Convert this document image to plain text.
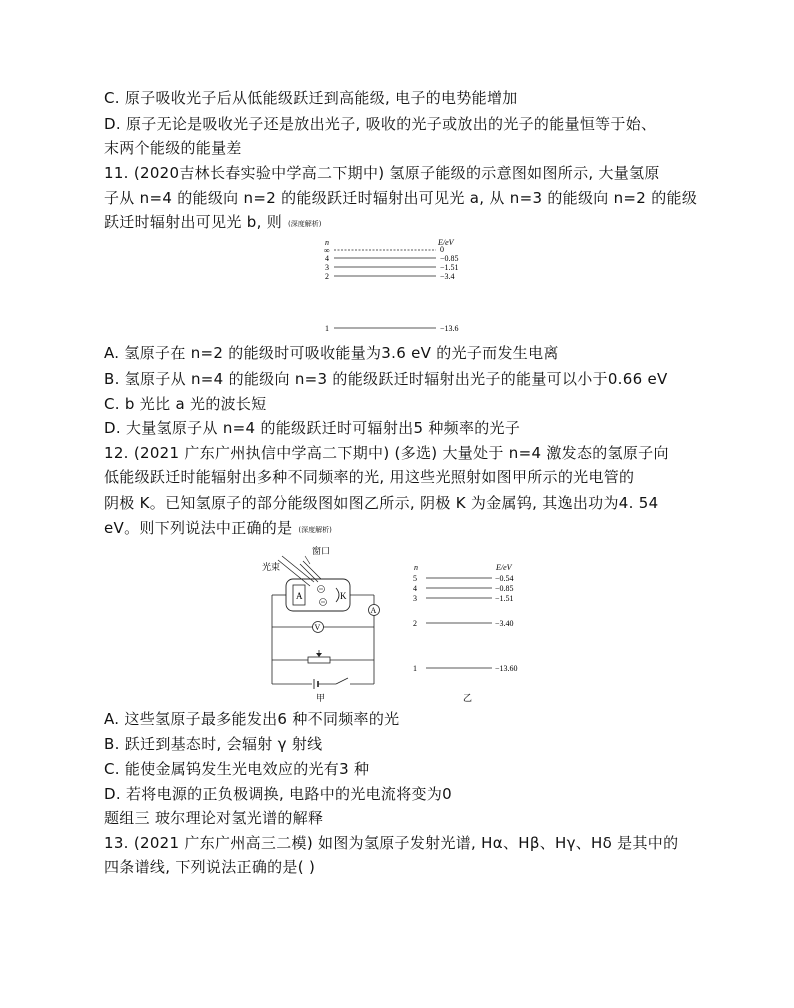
C. 原子吸收光子后从低能级跃迁到高能级, 电子的电势能增加
D. 原子无论是吸收光子还是放出光子, 吸收的光子或放出的光子的能量恒等于始、
末两个能级的能量差
11. (2020吉林长春实验中学高二下期中) 氢原子能级的示意图如图所示, 大量氢原
子从 n=4 的能级向 n=2 的能级跃迁时辐射出可见光 a, 从 n=3 的能级向 n=2 的能级
跃迁时辐射出可见光 b, 则 (深度解析)
n	E/eV
∞	0
4	−0.85
3	−1.51
2	−3.4
1	−13.6
A. 氢原子在 n=2 的能级时可吸收能量为3.6 eV 的光子而发生电离
B. 氢原子从 n=4 的能级向 n=3 的能级跃迁时辐射出光子的能量可以小于0.66 eV
C. b 光比 a 光的波长短
D. 大量氢原子从 n=4 的能级跃迁时可辐射出5 种频率的光子
12. (2021 广东广州执信中学高二下期中) (多选) 大量处于 n=4 激发态的氢原子向
低能级跃迁时能辐射出多种不同频率的光, 用这些光照射如图甲所示的光电管的
阴极 K。已知氢原子的部分能级图如图乙所示, 阴极 K 为金属钨, 其逸出功为4. 54
eV。则下列说法中正确的是 (深度解析)
窗口
光束
A	K
A
V
甲
n	E/eV
5	−0.54
4	−0.85
3	−1.51
2	−3.40
1	−13.60
乙
A. 这些氢原子最多能发出6 种不同频率的光
B. 跃迁到基态时, 会辐射 γ 射线
C. 能使金属钨发生光电效应的光有3 种
D. 若将电源的正负极调换, 电路中的光电流将变为0
题组三 玻尔理论对氢光谱的解释
13. (2021 广东广州高三二模) 如图为氢原子发射光谱, Hα、Hβ、Hγ、Hδ 是其中的
四条谱线, 下列说法正确的是( )
